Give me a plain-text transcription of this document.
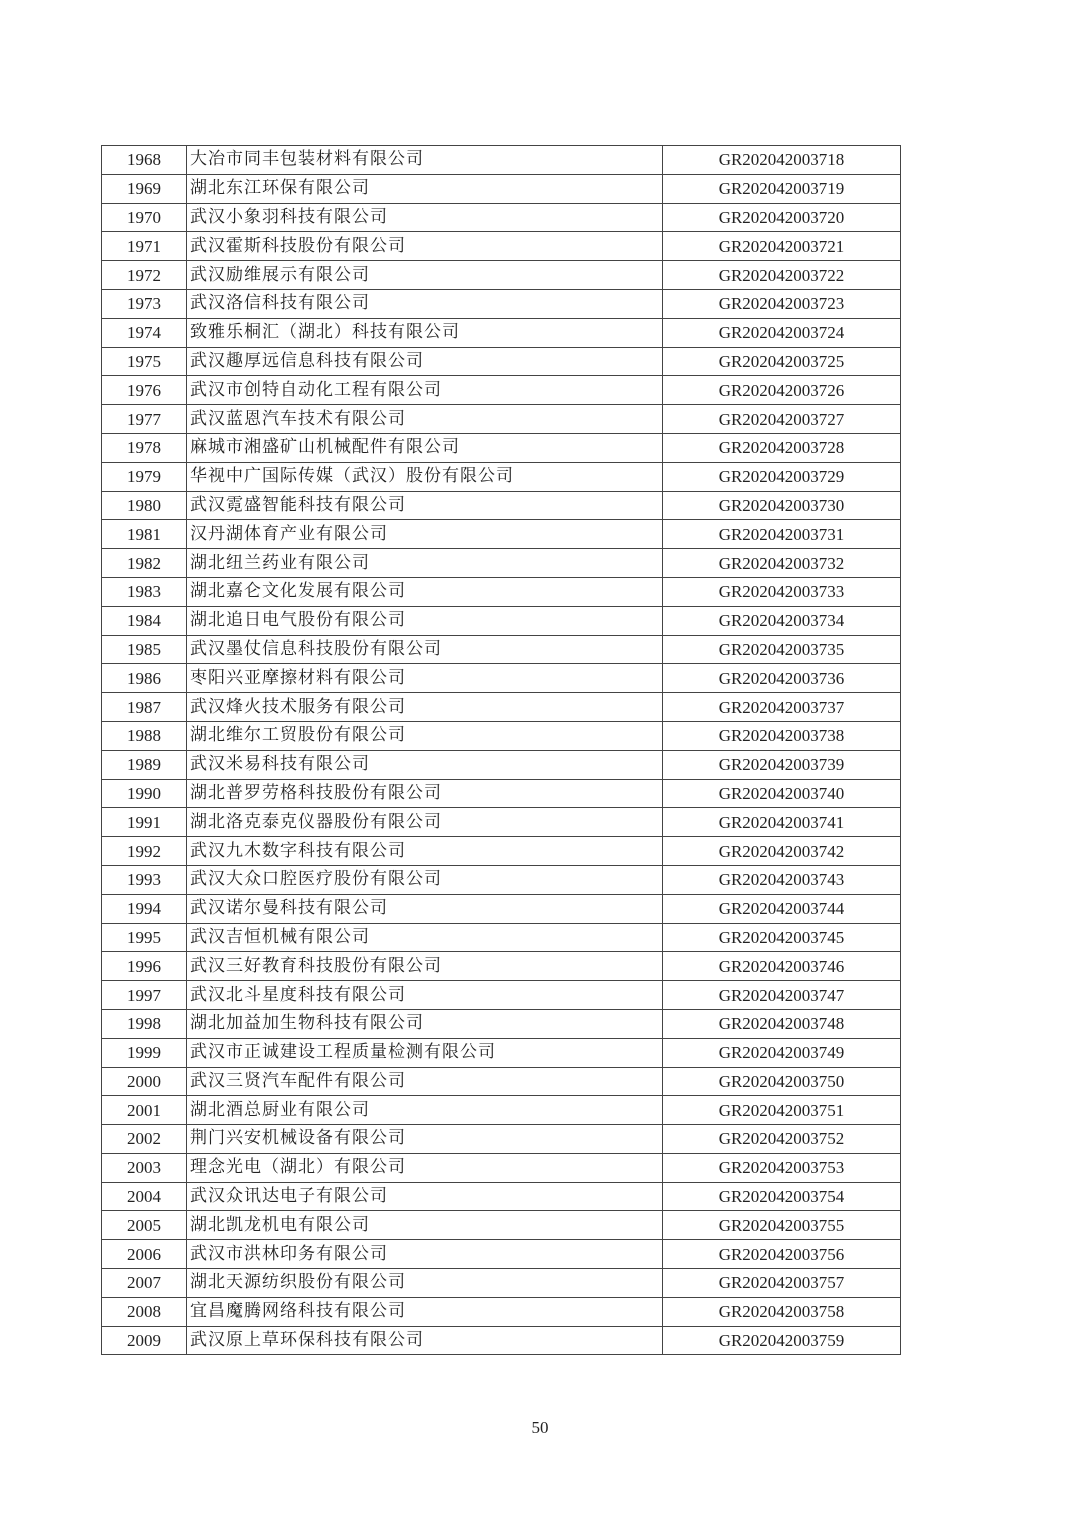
1968	大冶市同丰包装材料有限公司	GR202042003718
1969	湖北东江环保有限公司	GR202042003719
1970	武汉小象羽科技有限公司	GR202042003720
1971	武汉霍斯科技股份有限公司	GR202042003721
1972	武汉励维展示有限公司	GR202042003722
1973	武汉洛信科技有限公司	GR202042003723
1974	致雅乐桐汇（湖北）科技有限公司	GR202042003724
1975	武汉趣厚远信息科技有限公司	GR202042003725
1976	武汉市创特自动化工程有限公司	GR202042003726
1977	武汉蓝恩汽车技术有限公司	GR202042003727
1978	麻城市湘盛矿山机械配件有限公司	GR202042003728
1979	华视中广国际传媒（武汉）股份有限公司	GR202042003729
1980	武汉霓盛智能科技有限公司	GR202042003730
1981	汉丹湖体育产业有限公司	GR202042003731
1982	湖北纽兰药业有限公司	GR202042003732
1983	湖北嘉仑文化发展有限公司	GR202042003733
1984	湖北追日电气股份有限公司	GR202042003734
1985	武汉墨仗信息科技股份有限公司	GR202042003735
1986	枣阳兴亚摩擦材料有限公司	GR202042003736
1987	武汉烽火技术服务有限公司	GR202042003737
1988	湖北维尔工贸股份有限公司	GR202042003738
1989	武汉米易科技有限公司	GR202042003739
1990	湖北普罗劳格科技股份有限公司	GR202042003740
1991	湖北洛克泰克仪器股份有限公司	GR202042003741
1992	武汉九木数字科技有限公司	GR202042003742
1993	武汉大众口腔医疗股份有限公司	GR202042003743
1994	武汉诺尔曼科技有限公司	GR202042003744
1995	武汉吉恒机械有限公司	GR202042003745
1996	武汉三好教育科技股份有限公司	GR202042003746
1997	武汉北斗星度科技有限公司	GR202042003747
1998	湖北加益加生物科技有限公司	GR202042003748
1999	武汉市正诚建设工程质量检测有限公司	GR202042003749
2000	武汉三贤汽车配件有限公司	GR202042003750
2001	湖北酒总厨业有限公司	GR202042003751
2002	荆门兴安机械设备有限公司	GR202042003752
2003	理念光电（湖北）有限公司	GR202042003753
2004	武汉众讯达电子有限公司	GR202042003754
2005	湖北凯龙机电有限公司	GR202042003755
2006	武汉市洪林印务有限公司	GR202042003756
2007	湖北天源纺织股份有限公司	GR202042003757
2008	宜昌魔腾网络科技有限公司	GR202042003758
2009	武汉原上草环保科技有限公司	GR202042003759
50
